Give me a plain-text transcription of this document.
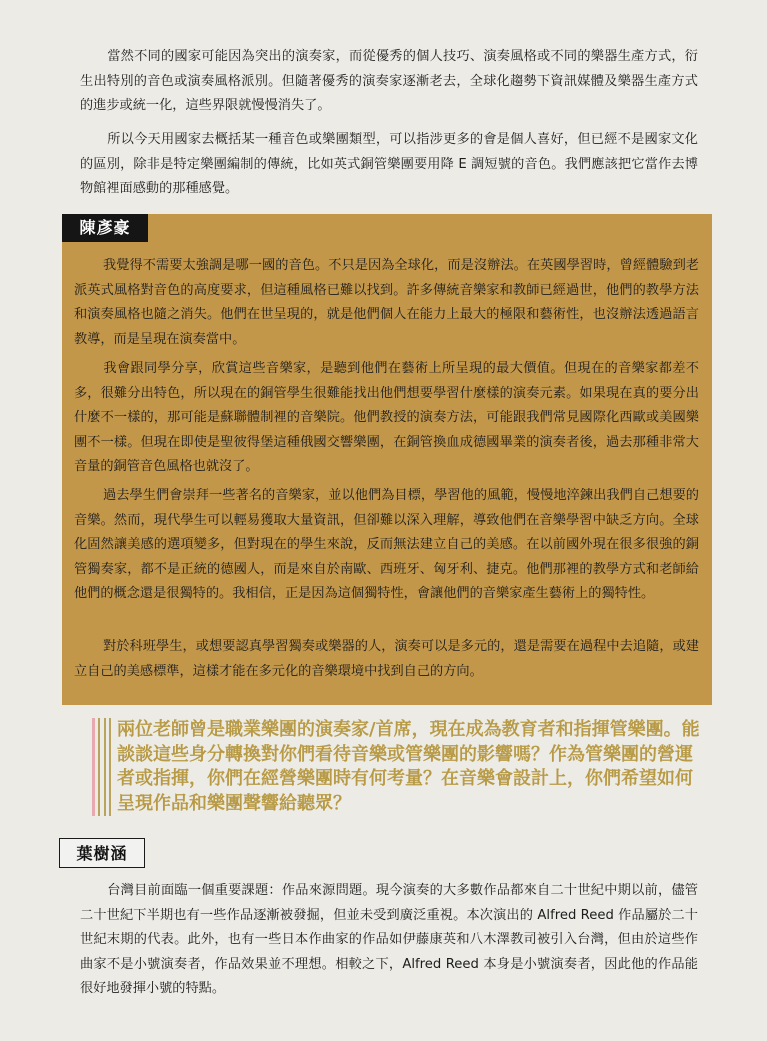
當然不同的國家可能因為突出的演奏家，而從優秀的個人技巧、演奏風格或不同的樂器生產方式，衍生出特別的音色或演奏風格派別。但隨著優秀的演奏家逐漸老去，全球化趨勢下資訊媒體及樂器生產方式的進步或統一化，這些界限就慢慢消失了。

所以今天用國家去概括某一種音色或樂團類型，可以指涉更多的會是個人喜好，但已經不是國家文化的區別，除非是特定樂團編制的傳統，比如英式銅管樂團要用降 E 調短號的音色。我們應該把它當作去博物館裡面感動的那種感覺。

我覺得不需要太強調是哪一國的音色。不只是因為全球化，而是沒辦法。在英國學習時，曾經體驗到老派英式風格對音色的高度要求，但這種風格已難以找到。許多傳統音樂家和教師已經過世，他們的教學方法和演奏風格也隨之消失。他們在世呈現的，就是他們個人在能力上最大的極限和藝術性，也沒辦法透過語言教導，而是呈現在演奏當中。

我會跟同學分享，欣賞這些音樂家，是聽到他們在藝術上所呈現的最大價值。但現在的音樂家都差不多，很難分出特色，所以現在的銅管學生很難能找出他們想要學習什麼樣的演奏元素。如果現在真的要分出什麼不一樣的，那可能是蘇聯體制裡的音樂院。他們教授的演奏方法，可能跟我們常見國際化西歐或美國樂團不一樣。但現在即使是聖彼得堡這種俄國交響樂團，在銅管換血成德國畢業的演奏者後，過去那種非常大音量的銅管音色風格也就沒了。

過去學生們會崇拜一些著名的音樂家，並以他們為目標，學習他的風範，慢慢地淬鍊出我們自己想要的音樂。然而，現代學生可以輕易獲取大量資訊，但卻難以深入理解，導致他們在音樂學習中缺乏方向。全球化固然讓美感的選項變多，但對現在的學生來說，反而無法建立自己的美感。在以前國外現在很多很強的銅管獨奏家，都不是正統的德國人，而是來自於南歐、西班牙、匈牙利、捷克。他們那裡的教學方式和老師給他們的概念還是很獨特的。我相信，正是因為這個獨特性，會讓他們的音樂家產生藝術上的獨特性。

對於科班學生，或想要認真學習獨奏或樂器的人，演奏可以是多元的，還是需要在過程中去追隨，或建立自己的美感標準，這樣才能在多元化的音樂環境中找到自己的方向。

陳彥豪

兩位老師曾是職業樂團的演奏家/首席，現在成為教育者和指揮管樂團。能談談這些身分轉換對你們看待音樂或管樂團的影響嗎？作為管樂團的營運者或指揮，你們在經營樂團時有何考量？在音樂會設計上，你們希望如何呈現作品和樂團聲響給聽眾？

葉樹涵

台灣目前面臨一個重要課題：作品來源問題。現今演奏的大多數作品都來自二十世紀中期以前，儘管二十世紀下半期也有一些作品逐漸被發掘，但並未受到廣泛重視。本次演出的 Alfred Reed 作品屬於二十世紀末期的代表。此外，也有一些日本作曲家的作品如伊藤康英和八木澤教司被引入台灣，但由於這些作曲家不是小號演奏者，作品效果並不理想。相較之下，Alfred Reed 本身是小號演奏者，因此他的作品能很好地發揮小號的特點。
